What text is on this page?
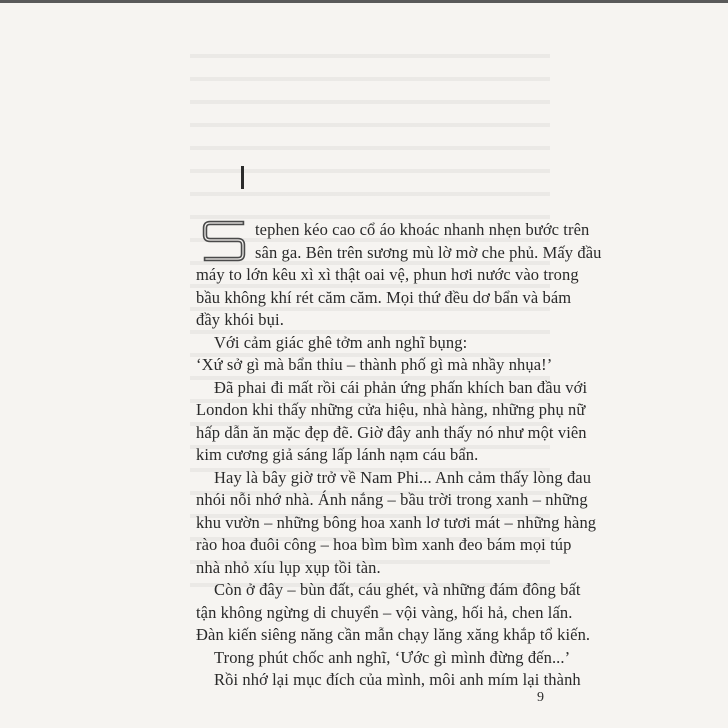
tephen kéo cao cổ áo khoác nhanh nhẹn bước trên
sân ga. Bên trên sương mù lờ mờ che phủ. Mấy đầu
máy to lớn kêu xì xì thật oai vệ, phun hơi nước vào trong
bầu không khí rét căm căm. Mọi thứ đều dơ bẩn và bám
đầy khói bụi.
Với cảm giác ghê tởm anh nghĩ bụng:
‘Xứ sở gì mà bẩn thỉu – thành phố gì mà nhầy nhụa!’
Đã phai đi mất rồi cái phản ứng phấn khích ban đầu với
London khi thấy những cửa hiệu, nhà hàng, những phụ nữ
hấp dẫn ăn mặc đẹp đẽ. Giờ đây anh thấy nó như một viên
kim cương giả sáng lấp lánh nạm cáu bẩn.
Hay là bây giờ trở về Nam Phi... Anh cảm thấy lòng đau
nhói nỗi nhớ nhà. Ánh nắng – bầu trời trong xanh – những
khu vườn – những bông hoa xanh lơ tươi mát – những hàng
rào hoa đuôi công – hoa bìm bìm xanh đeo bám mọi túp
nhà nhỏ xíu lụp xụp tồi tàn.
Còn ở đây – bùn đất, cáu ghét, và những đám đông bất
tận không ngừng di chuyển – vội vàng, hối hả, chen lấn.
Đàn kiến siêng năng cần mẫn chạy lăng xăng khắp tổ kiến.
Trong phút chốc anh nghĩ, ‘Ước gì mình đừng đến...’
Rồi nhớ lại mục đích của mình, môi anh mím lại thành
9
